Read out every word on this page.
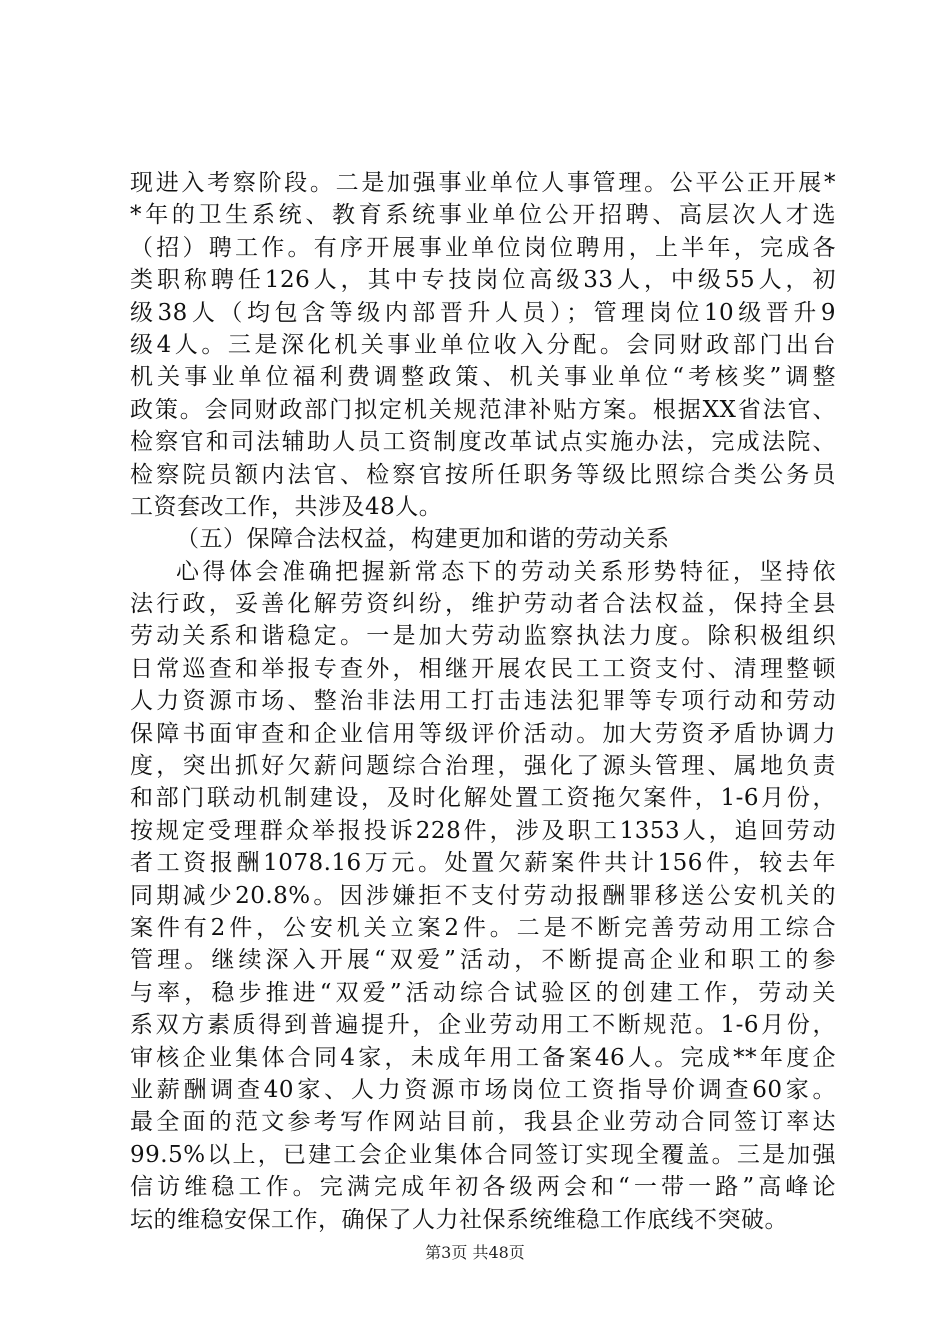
现进入考察阶段。二是加强事业单位人事管理。公平公正开展*
*年的卫生系统、教育系统事业单位公开招聘、高层次人才选
（招）聘工作。有序开展事业单位岗位聘用，上半年，完成各
类职称聘任126人，其中专技岗位高级33人，中级55人，初
级38人（均包含等级内部晋升人员）；管理岗位10级晋升9
级4人。三是深化机关事业单位收入分配。会同财政部门出台
机关事业单位福利费调整政策、机关事业单位“考核奖”调整
政策。会同财政部门拟定机关规范津补贴方案。根据XX省法官、
检察官和司法辅助人员工资制度改革试点实施办法，完成法院、
检察院员额内法官、检察官按所任职务等级比照综合类公务员
工资套改工作，共涉及48人。
（五）保障合法权益，构建更加和谐的劳动关系
心得体会准确把握新常态下的劳动关系形势特征，坚持依
法行政，妥善化解劳资纠纷，维护劳动者合法权益，保持全县
劳动关系和谐稳定。一是加大劳动监察执法力度。除积极组织
日常巡查和举报专查外，相继开展农民工工资支付、清理整顿
人力资源市场、整治非法用工打击违法犯罪等专项行动和劳动
保障书面审查和企业信用等级评价活动。加大劳资矛盾协调力
度，突出抓好欠薪问题综合治理，强化了源头管理、属地负责
和部门联动机制建设，及时化解处置工资拖欠案件，1-6月份，
按规定受理群众举报投诉228件，涉及职工1353人，追回劳动
者工资报酬1078.16万元。处置欠薪案件共计156件，较去年
同期减少20.8%。因涉嫌拒不支付劳动报酬罪移送公安机关的
案件有2件，公安机关立案2件。二是不断完善劳动用工综合
管理。继续深入开展“双爱”活动，不断提高企业和职工的参
与率，稳步推进“双爱”活动综合试验区的创建工作，劳动关
系双方素质得到普遍提升，企业劳动用工不断规范。1-6月份，
审核企业集体合同4家，未成年用工备案46人。完成**年度企
业薪酬调查40家、人力资源市场岗位工资指导价调查60家。
最全面的范文参考写作网站目前，我县企业劳动合同签订率达
99.5%以上，已建工会企业集体合同签订实现全覆盖。三是加强
信访维稳工作。完满完成年初各级两会和“一带一路”高峰论
坛的维稳安保工作，确保了人力社保系统维稳工作底线不突破。
第3页 共48页
